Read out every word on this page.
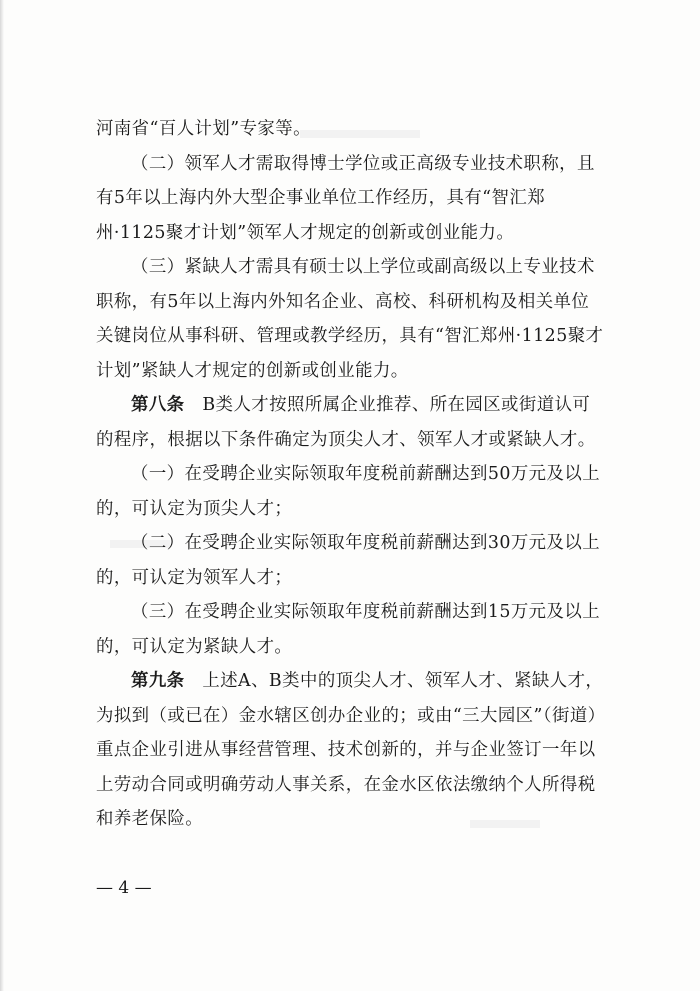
河南省“百人计划”专家等。
（二）领军人才需取得博士学位或正高级专业技术职称，且
有5年以上海内外大型企事业单位工作经历，具有“智汇郑
州·1125聚才计划”领军人才规定的创新或创业能力。
（三）紧缺人才需具有硕士以上学位或副高级以上专业技术
职称，有5年以上海内外知名企业、高校、科研机构及相关单位
关键岗位从事科研、管理或教学经历，具有“智汇郑州·1125聚才
计划”紧缺人才规定的创新或创业能力。
第八条  B类人才按照所属企业推荐、所在园区或街道认可
的程序，根据以下条件确定为顶尖人才、领军人才或紧缺人才。
（一）在受聘企业实际领取年度税前薪酬达到50万元及以上
的，可认定为顶尖人才；
（二）在受聘企业实际领取年度税前薪酬达到30万元及以上
的，可认定为领军人才；
（三）在受聘企业实际领取年度税前薪酬达到15万元及以上
的，可认定为紧缺人才。
第九条  上述A、B类中的顶尖人才、领军人才、紧缺人才，
为拟到（或已在）金水辖区创办企业的；或由“三大园区”（街道）
重点企业引进从事经营管理、技术创新的，并与企业签订一年以
上劳动合同或明确劳动人事关系，在金水区依法缴纳个人所得税
和养老保险。
— 4 —
